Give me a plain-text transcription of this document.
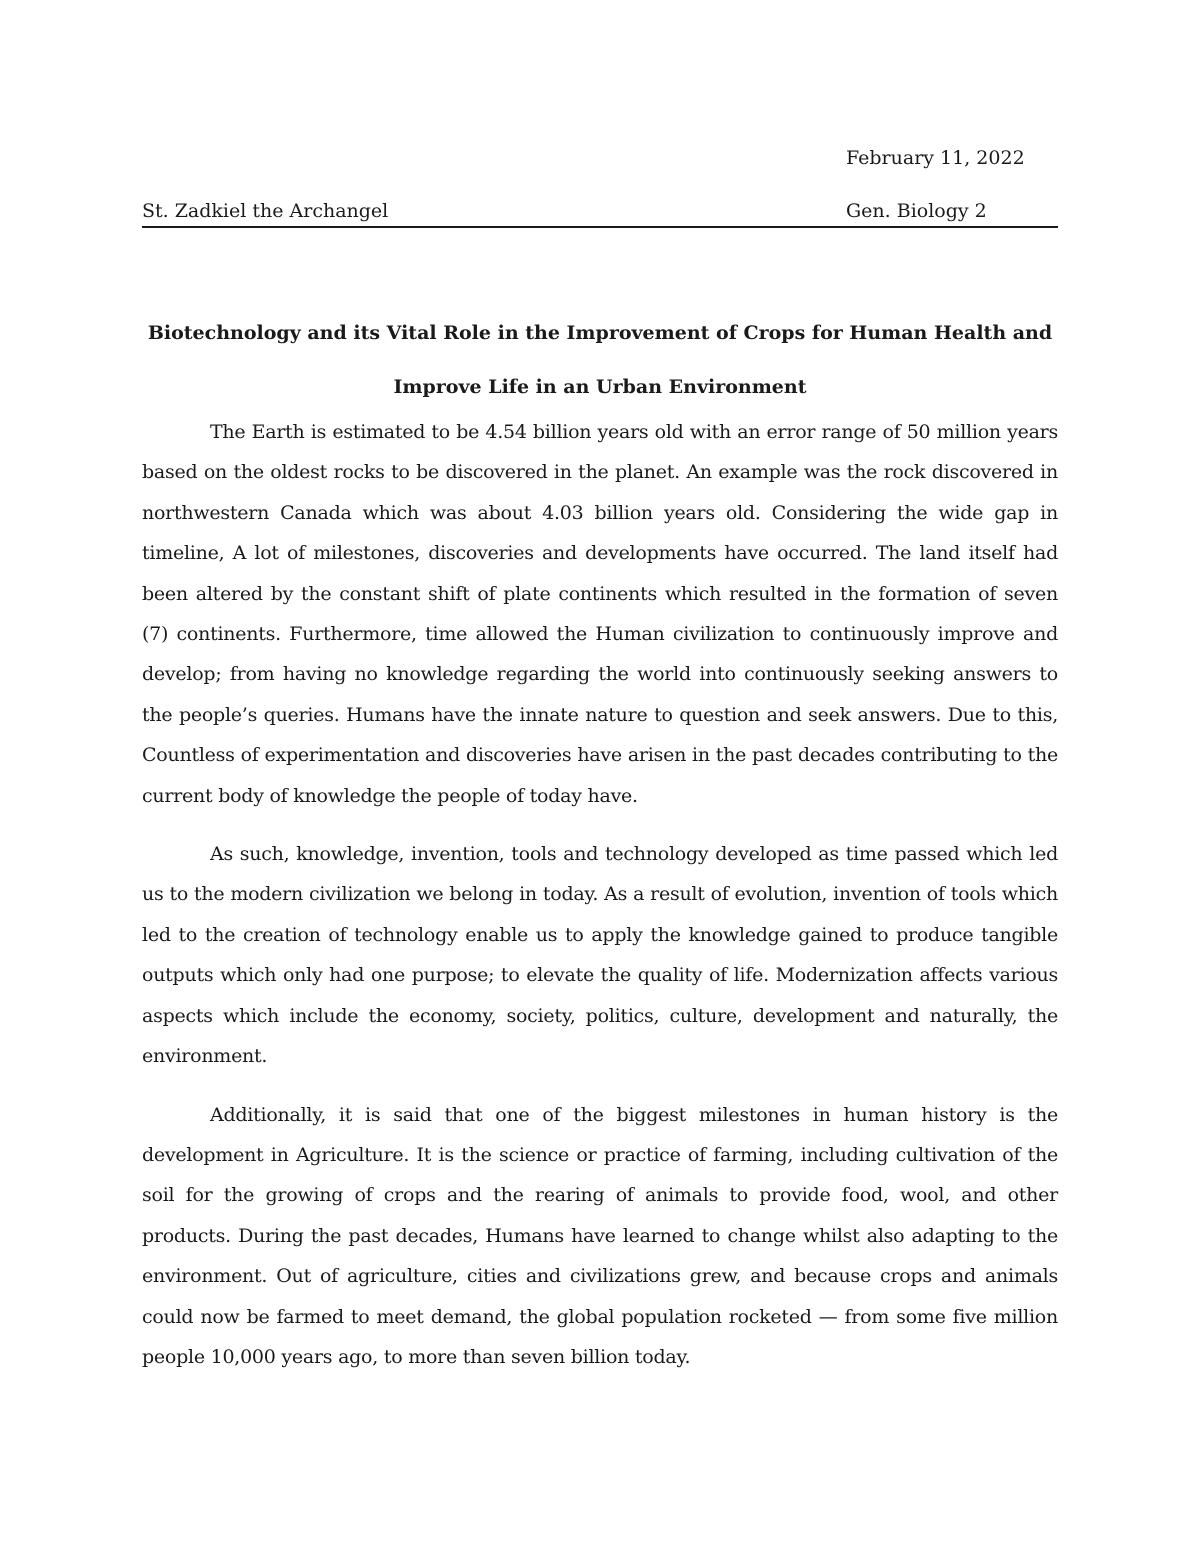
February 11, 2022
St. Zadkiel the Archangel	Gen. Biology 2
Biotechnology and its Vital Role in the Improvement of Crops for Human Health and
Improve Life in an Urban Environment

The Earth is estimated to be 4.54 billion years old with an error range of 50 million years based on the oldest rocks to be discovered in the planet. An example was the rock discovered in northwestern Canada which was about 4.03 billion years old. Considering the wide gap in timeline, A lot of milestones, discoveries and developments have occurred. The land itself had been altered by the constant shift of plate continents which resulted in the formation of seven (7) continents. Furthermore, time allowed the Human civilization to continuously improve and develop; from having no knowledge regarding the world into continuously seeking answers to the people’s queries. Humans have the innate nature to question and seek answers. Due to this, Countless of experimentation and discoveries have arisen in the past decades contributing to the current body of knowledge the people of today have.

As such, knowledge, invention, tools and technology developed as time passed which led us to the modern civilization we belong in today. As a result of evolution, invention of tools which led to the creation of technology enable us to apply the knowledge gained to produce tangible outputs which only had one purpose; to elevate the quality of life. Modernization affects various aspects which include the economy, society, politics, culture, development and naturally, the environment.

Additionally, it is said that one of the biggest milestones in human history is the development in Agriculture. It is the science or practice of farming, including cultivation of the soil for the growing of crops and the rearing of animals to provide food, wool, and other products. During the past decades, Humans have learned to change whilst also adapting to the environment. Out of agriculture, cities and civilizations grew, and because crops and animals could now be farmed to meet demand, the global population rocketed — from some five million people 10,000 years ago, to more than seven billion today.
